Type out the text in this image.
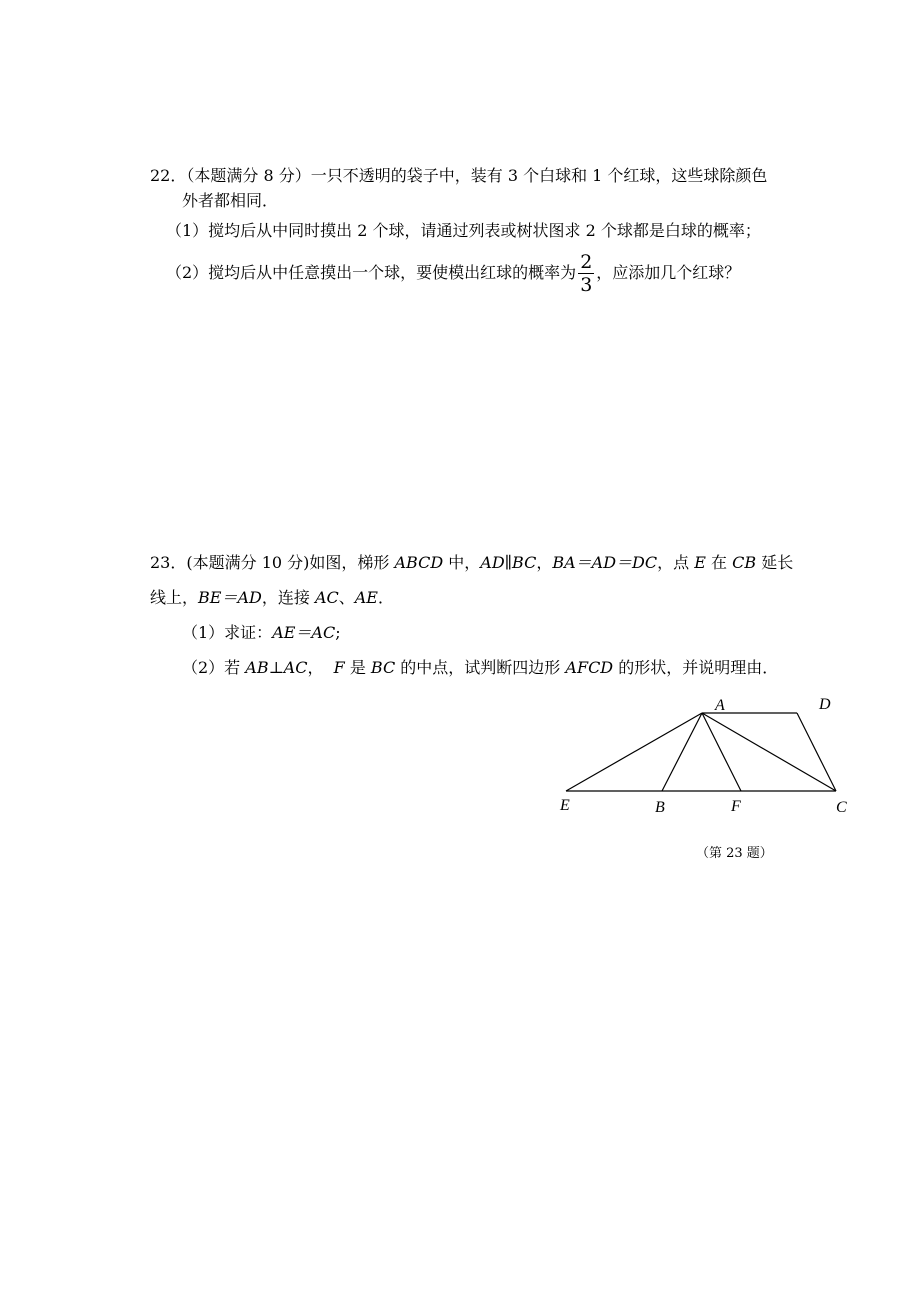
22．（本题满分 8 分）一只不透明的袋子中，装有 3 个白球和 1 个红球，这些球除颜色
外者都相同．
（1）搅均后从中同时摸出 2 个球，请通过列表或树状图求 2 个球都是白球的概率；
（2）搅均后从中任意摸出一个球，要使模出红球的概率为 $\frac{2}{3}$ ，应添加几个红球？
23．(本题满分 10 分)如图，梯形 ABCD 中，AD∥BC，BA＝AD＝DC，点 E 在 CB 延长
线上，BE＝AD，连接 AC、AE．
（1）求证：AE＝AC;
（2）若 AB⊥AC，  F 是 BC 的中点，试判断四边形 AFCD 的形状，并说明理由．
A	D
E	B	F	C
（第 23 题）
